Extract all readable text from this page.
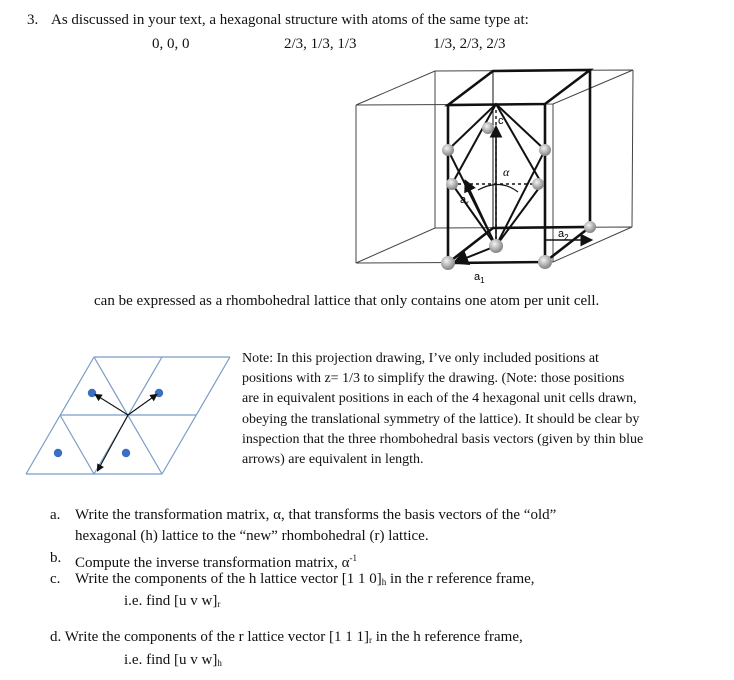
3. As discussed in your text, a hexagonal structure with atoms of the same type at:
0, 0, 0	2/3, 1/3, 1/3	1/3, 2/3, 2/3
c
α
$a_r$
$a_2$
$a_1$
can be expressed as a rhombohedral lattice that only contains one atom per unit cell.
Note: In this projection drawing, I’ve only included positions at
positions with z= 1/3 to simplify the drawing. (Note: those positions
are in equivalent positions in each of the 4 hexagonal unit cells drawn,
obeying the translational symmetry of the lattice). It should be clear by
inspection that the three rhombohedral basis vectors (given by thin blue
arrows) are equivalent in length.
a. Write the transformation matrix, α, that transforms the basis vectors of the “old”
hexagonal (h) lattice to the “new” rhombohedral (r) lattice.
b. Compute the inverse transformation matrix, $\alpha^{-1}$
c. Write the components of the h lattice vector [1 1 $0]_h$ in the r reference frame,
i.e. find [u v $w]_r$
d. Write the components of the r lattice vector [1 1 $1]_r$ in the h reference frame,
i.e. find [u v $w]_h$
